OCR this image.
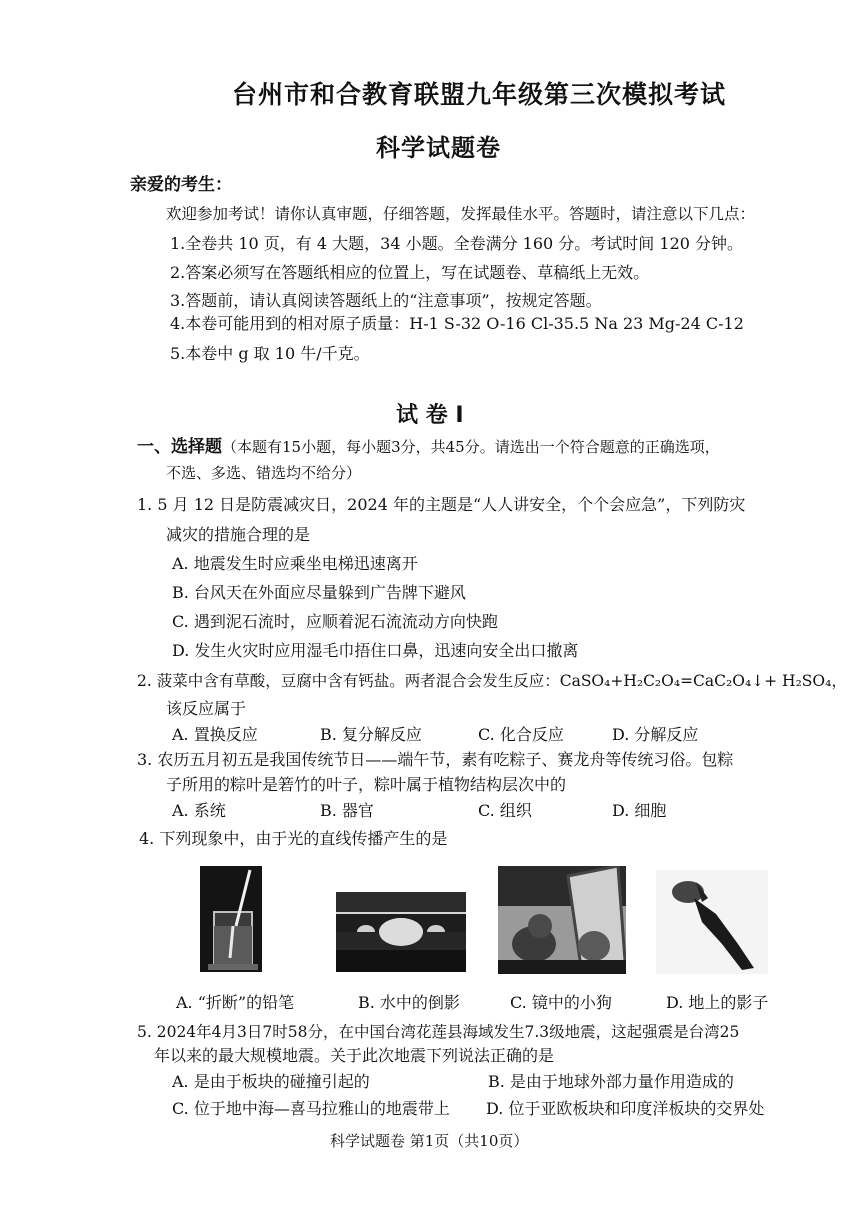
台州市和合教育联盟九年级第三次模拟考试
科学试题卷
亲爱的考生：
欢迎参加考试！请你认真审题，仔细答题，发挥最佳水平。答题时，请注意以下几点：
1.全卷共 10 页，有 4 大题，34 小题。全卷满分 160 分。考试时间 120 分钟。
2.答案必须写在答题纸相应的位置上，写在试题卷、草稿纸上无效。
3.答题前，请认真阅读答题纸上的“注意事项”，按规定答题。
4.本卷可能用到的相对原子质量：H-1 S-32 O-16 Cl-35.5 Na 23 Mg-24 C-12
5.本卷中 g 取 10 牛/千克。
试 卷 Ⅰ
一、选择题（本题有15小题，每小题3分，共45分。请选出一个符合题意的正确选项，
不选、多选、错选均不给分）
1. 5 月 12 日是防震减灾日，2024 年的主题是“人人讲安全，个个会应急”，下列防灾
减灾的措施合理的是
A. 地震发生时应乘坐电梯迅速离开
B. 台风天在外面应尽量躲到广告牌下避风
C. 遇到泥石流时，应顺着泥石流流动方向快跑
D. 发生火灾时应用湿毛巾捂住口鼻，迅速向安全出口撤离
2. 菠菜中含有草酸，豆腐中含有钙盐。两者混合会发生反应：CaSO₄+H₂C₂O₄=CaC₂O₄↓+ H₂SO₄，
该反应属于
A. 置换反应	B. 复分解反应	C. 化合反应	D. 分解反应
3. 农历五月初五是我国传统节日——端午节，素有吃粽子、赛龙舟等传统习俗。包粽
子所用的粽叶是箬竹的叶子，粽叶属于植物结构层次中的
A. 系统	B. 器官	C. 组织	D. 细胞
4. 下列现象中，由于光的直线传播产生的是
A. “折断”的铅笔	B. 水中的倒影	C. 镜中的小狗	D. 地上的影子
5. 2024年4月3日7时58分，在中国台湾花莲县海域发生7.3级地震，这起强震是台湾25
年以来的最大规模地震。关于此次地震下列说法正确的是
A. 是由于板块的碰撞引起的	B. 是由于地球外部力量作用造成的
C. 位于地中海—喜马拉雅山的地震带上 D. 位于亚欧板块和印度洋板块的交界处
科学试题卷 第1页（共10页）
